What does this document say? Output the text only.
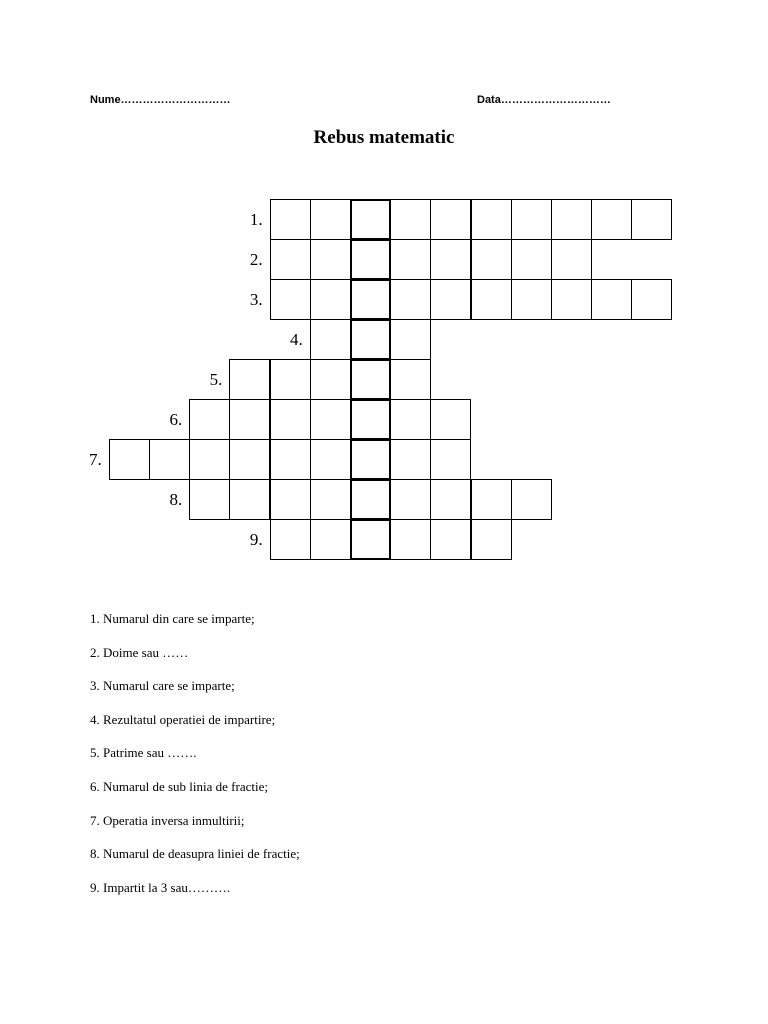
Nume…………………………	Data…………………………
Rebus matematic
1.
2.
3.
4.
5.
6.
7.
8.
9.
1. Numarul din care se imparte;
2. Doime sau ……
3. Numarul care se imparte;
4. Rezultatul operatiei de impartire;
5. Patrime sau …….
6. Numarul de sub linia de fractie;
7. Operatia inversa inmultirii;
8. Numarul de deasupra liniei de fractie;
9. Impartit la 3 sau……….
